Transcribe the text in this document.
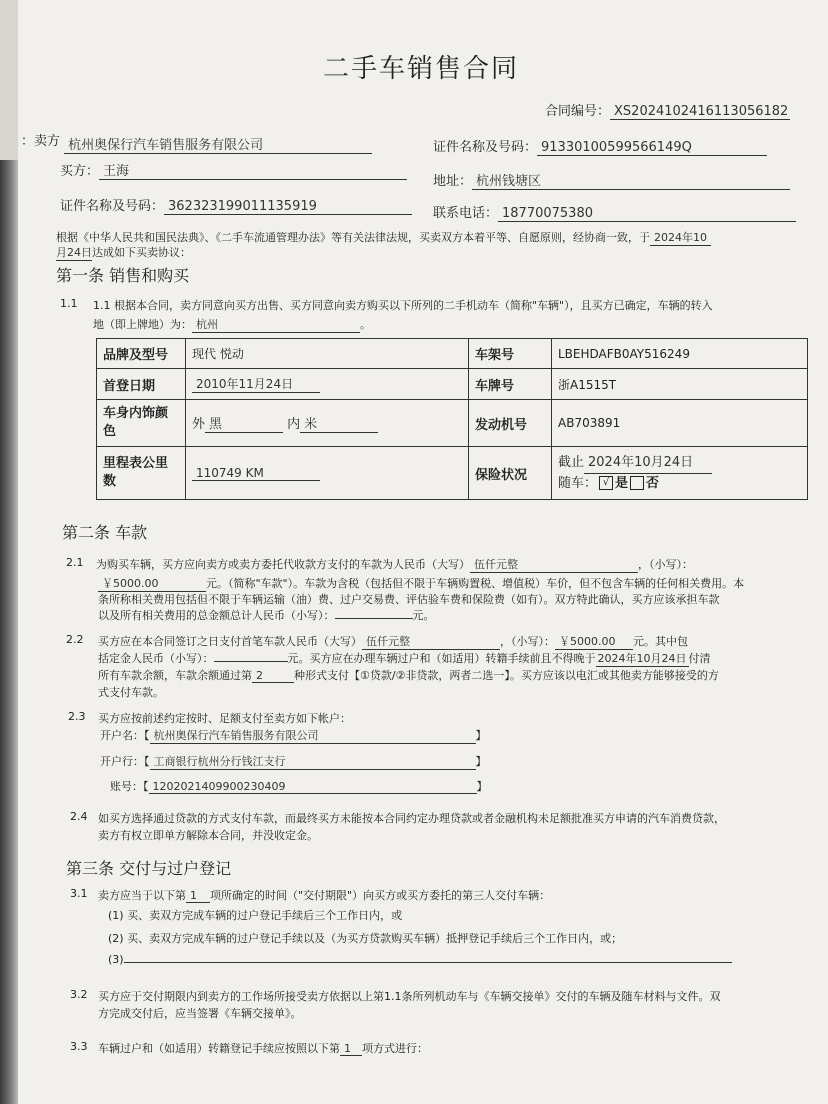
二手车销售合同
合同编号： XS2024102416113056182
卖方： 杭州奥保行汽车销售服务有限公司	证件名称及号码： 91330100599566149Q
买方： 王海
地址： 杭州钱塘区
证件名称及号码： 362323199011135919	联系电话： 18770075380
根据《中华人民共和国民法典》、《二手车流通管理办法》等有关法律法规，买卖双方本着平等、自愿原则，经协商一致，于 2024年10
月24日达成如下买卖协议：
第一条 销售和购买
1.1 1.1 根据本合同，卖方同意向买方出售、买方同意向卖方购买以下所列的二手机动车（简称"车辆"），且买方已确定，车辆的转入
地（即上牌地）为： 杭州	。
品牌及型号	现代 悦动	车架号	LBEHDAFB0AY516249
首登日期	2010年11月24日	车牌号	浙A1515T
车身内饰颜色	外 黑 内 米	发动机号	AB703891
里程表公里数	110749 KM	保险状况	截止 2024年10月24日
随车： √ 是 否
第二条 车款
2.1 为购买车辆，买方应向卖方或卖方委托代收款方支付的车款为人民币（大写） 伍仟元整	，（小写）：
￥5000.00	元。（简称"车款"）。车款为含税（包括但不限于车辆购置税、增值税）车价，但不包含车辆的任何相关费用。本
条所称相关费用包括但不限于车辆运输（油）费、过户交易费、评估验车费和保险费（如有）。双方特此确认，买方应该承担车款
以及所有相关费用的总金额总计人民币（小写）：	元。
2.2 买方应在本合同签订之日支付首笔车款人民币（大写） 伍仟元整	，（小写）： ￥5000.00 元。其中包
括定金人民币（小写）：	元。买方应在办理车辆过户和（如适用）转籍手续前且不得晚于 2024年10月24日 付清
所有车款余额，车款余额通过第 2	种形式支付【①贷款/②非贷款，两者二选一】。买方应该以电汇或其他卖方能够接受的方
式支付车款。
2.3 买方应按前述约定按时、足额支付至卖方如下帐户：
开户名：【 杭州奥保行汽车销售服务有限公司	】
开户行：【 工商银行杭州分行钱江支行	】
账号：【 1202021409900230409	】
2.4 如买方选择通过贷款的方式支付车款，而最终买方未能按本合同约定办理贷款或者金融机构未足额批准买方申请的汽车消费贷款，
卖方有权立即单方解除本合同，并没收定金。
第三条 交付与过户登记
3.1 卖方应当于以下第 1 项所确定的时间（"交付期限"）向买方或买方委托的第三人交付车辆：
(1) 买、卖双方完成车辆的过户登记手续后三个工作日内，或
(2) 买、卖双方完成车辆的过户登记手续以及（为买方贷款购买车辆）抵押登记手续后三个工作日内，或；
(3)
3.2 买方应于交付期限内到卖方的工作场所接受卖方依据以上第1.1条所列机动车与《车辆交接单》交付的车辆及随车材料与文件。双
方完成交付后，应当签署《车辆交接单》。
3.3 车辆过户和（如适用）转籍登记手续应按照以下第 1 项方式进行：
